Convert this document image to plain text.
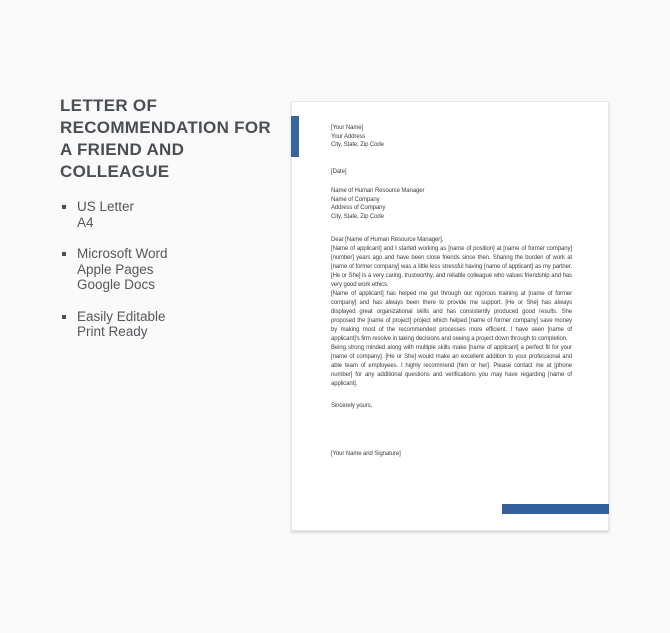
LETTER OF RECOMMENDATION FOR A FRIEND AND COLLEAGUE
US Letter
A4
Microsoft Word
Apple Pages
Google Docs
Easily Editable
Print Ready
[Your Name]
Your Address
City, State, Zip Code
[Date]
Name of Human Resource Manager
Name of Company
Address of Company
City, State, Zip Code
Dear [Name of Human Resource Manager],

[Name of applicant] and I started working as [name of position] at [name of former company] [number] years ago and have been close friends since then. Sharing the burden of work at [name of former company] was a little less stressful having [name of applicant] as my partner. [He or She] is a very caring, trustworthy, and reliable colleague who values friendship and has very good work ethics.

[Name of applicant] has helped me get through our rigorous training at [name of former company] and has always been there to provide me support. [He or She] has always displayed great organizational skills and has consistently produced good results. She proposed the [name of project] project which helped [name of former company] save money by making most of the recommended processes more efficient. I have seen [name of applicant]'s firm resolve in taking decisions and seeing a project down through to completion.

Being strong minded along with multiple skills make [name of applicant] a perfect fit for your [name of company]. [He or She] would make an excellent addition to your professional and able team of employees. I highly recommend [him or her]. Please contact me at [phone number] for any additional questions and verifications you may have regarding [name of applicant].

Sincerely yours,
[Your Name and Signature]
